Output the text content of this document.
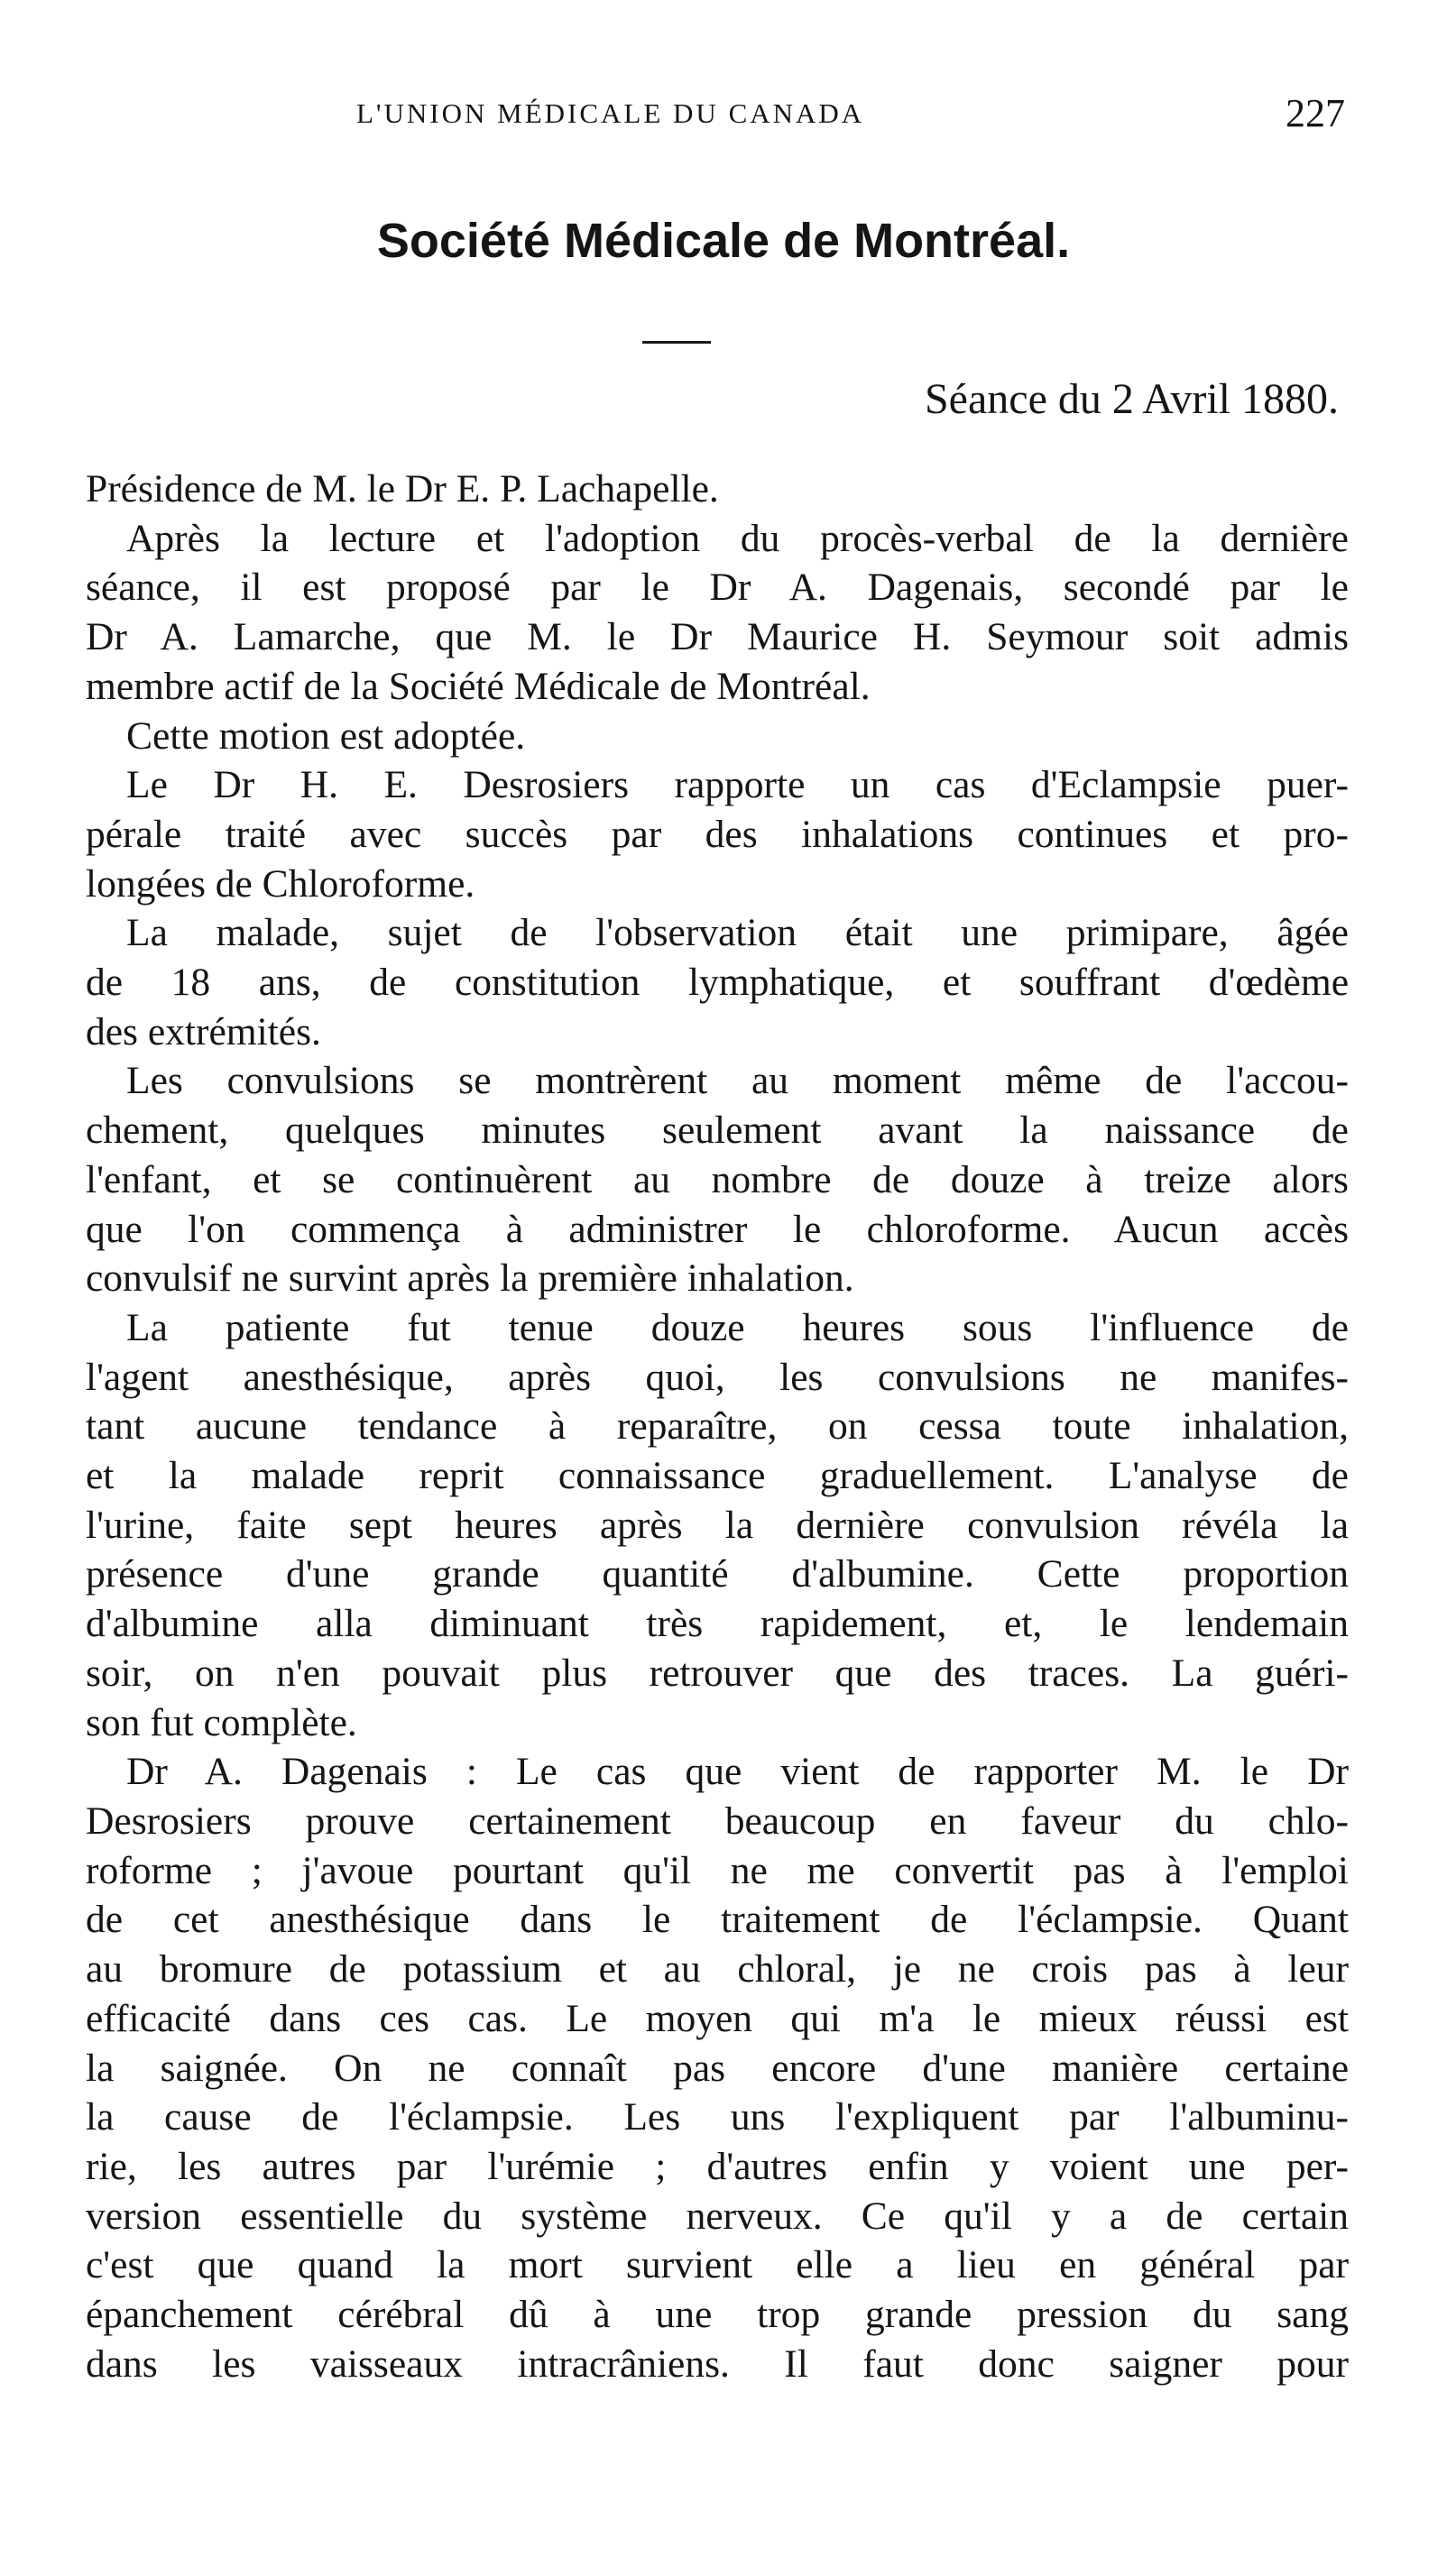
L'UNION MÉDICALE DU CANADA	227
Société Médicale de Montréal.
Séance du 2 Avril 1880.
Présidence de M. le Dr E. P. Lachapelle.
Après la lecture et l'adoption du procès-verbal de la dernière
séance, il est proposé par le Dr A. Dagenais, secondé par le
Dr A. Lamarche, que M. le Dr Maurice H. Seymour soit admis
membre actif de la Société Médicale de Montréal.
Cette motion est adoptée.
Le Dr H. E. Desrosiers rapporte un cas d'Eclampsie puer-
pérale traité avec succès par des inhalations continues et pro-
longées de Chloroforme.
La malade, sujet de l'observation était une primipare, âgée
de 18 ans, de constitution lymphatique, et souffrant d'œdème
des extrémités.
Les convulsions se montrèrent au moment même de l'accou-
chement, quelques minutes seulement avant la naissance de
l'enfant, et se continuèrent au nombre de douze à treize alors
que l'on commença à administrer le chloroforme. Aucun accès
convulsif ne survint après la première inhalation.
La patiente fut tenue douze heures sous l'influence de
l'agent anesthésique, après quoi, les convulsions ne manifes-
tant aucune tendance à reparaître, on cessa toute inhalation,
et la malade reprit connaissance graduellement. L'analyse de
l'urine, faite sept heures après la dernière convulsion révéla la
présence d'une grande quantité d'albumine. Cette proportion
d'albumine alla diminuant très rapidement, et, le lendemain
soir, on n'en pouvait plus retrouver que des traces. La guéri-
son fut complète.
Dr A. Dagenais : Le cas que vient de rapporter M. le Dr
Desrosiers prouve certainement beaucoup en faveur du chlo-
roforme ; j'avoue pourtant qu'il ne me convertit pas à l'emploi
de cet anesthésique dans le traitement de l'éclampsie. Quant
au bromure de potassium et au chloral, je ne crois pas à leur
efficacité dans ces cas. Le moyen qui m'a le mieux réussi est
la saignée. On ne connaît pas encore d'une manière certaine
la cause de l'éclampsie. Les uns l'expliquent par l'albuminu-
rie, les autres par l'urémie ; d'autres enfin y voient une per-
version essentielle du système nerveux. Ce qu'il y a de certain
c'est que quand la mort survient elle a lieu en général par
épanchement cérébral dû à une trop grande pression du sang
dans les vaisseaux intracrâniens. Il faut donc saigner pour
